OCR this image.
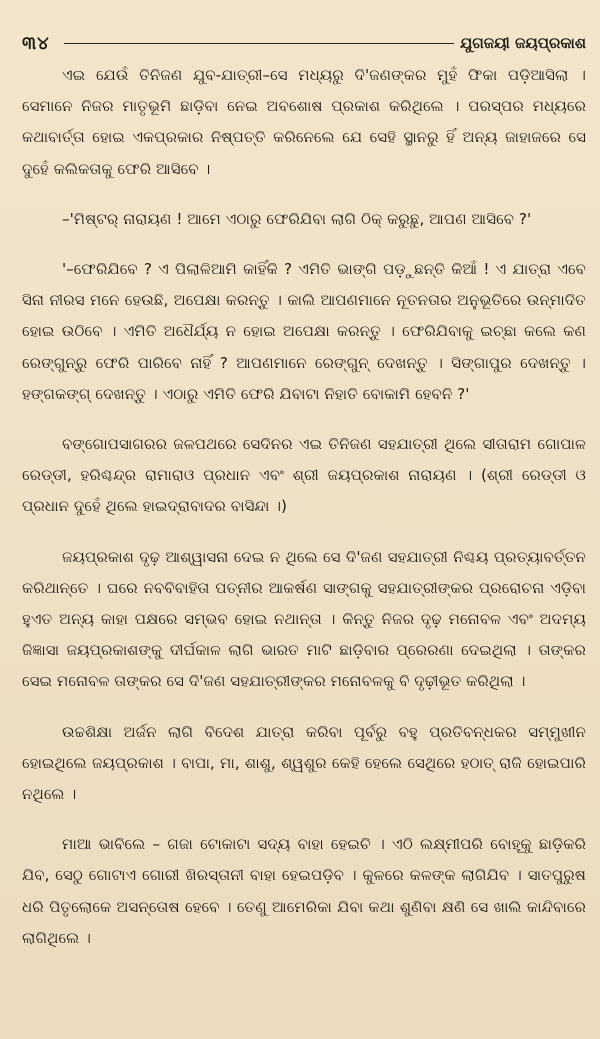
୩୪	ଯୁଗଜୟୀ ଜୟପ୍ରକାଶ

ଏଇ ଯେଉଁ ତିନିଜଣ ଯୁବ-ଯାତ୍ରୀ–ସେ ମଧ୍ୟରୁ ଦି'ଜଣଙ୍କର ମୁହଁ ଫିକା ପଡ଼ିଆସିଲା । ସେମାନେ ନିଜର ମାତୃଭୂମି ଛାଡ଼ିବା ନେଇ ଅବଶୋଷ ପ୍ରକାଶ କରିଥିଲେ । ପରସ୍ପର ମଧ୍ୟରେ କଥାବାର୍ତ୍ତା ହୋଇ ଏକପ୍ରକାର ନିଷ୍ପତ୍ତି କରିନେଲେ ଯେ ସେହି ସ୍ଥାନରୁ ହିଁ ଅନ୍ୟ ଜାହାଜରେ ସେ ଦୁହେଁ କଲିକତାକୁ ଫେରି ଆସିବେ ।

–'ମିଷ୍ଟର୍ ନାରାୟଣ ! ଆମେ ଏଠାରୁ ଫେରିଯିବା ଲାଗି ଠିକ୍ କରୁଛୁ, ଆପଣ ଆସିବେ ?'

'–ଫେରିଯିବେ ? ଏ ପିଲାଳିଆମି କାହିଁକି ? ଏମିତି ଭାଙ୍ଗି ପଡ଼ୁଛନ୍ତି କିଆଁ ! ଏ ଯାତ୍ରା ଏବେ ସିନା ନୀରସ ମନେ ହେଉଛି, ଅପେକ୍ଷା କରନ୍ତୁ । କାଲି ଆପଣମାନେ ନୂତନତାର ଅନୁଭୂତିରେ ଉନ୍ମାଦିତ ହୋଇ ଉଠିବେ । ଏମିତି ଅଧୈର୍ଯ୍ୟ ନ ହୋଇ ଅପେକ୍ଷା କରନ୍ତୁ । ଫେରିଯିବାକୁ ଇଚ୍ଛା କଲେ କଣ ରେଙ୍ଗୁନ୍‌ରୁ ଫେରି ପାରିବେ ନାହିଁ ? ଆପଣମାନେ ରେଙ୍ଗୁନ୍ ଦେଖନ୍ତୁ । ସିଙ୍ଗାପୁର ଦେଖନ୍ତୁ । ହଙ୍ଗକଙ୍ଗ୍ ଦେଖନ୍ତୁ । ଏଠାରୁ ଏମିତି ଫେରି ଯିବାଟା ନିହାତି ବୋକାମି ହେବନି ?'

ବଙ୍ଗୋପସାଗରର ଜଳପଥରେ ସେଦିନର ଏଇ ତିନିଜଣ ସହଯାତ୍ରୀ ଥିଲେ ସୀତାରାମ ଗୋପାଳ ରେଡ୍ଡୀ, ହରିଶ୍ଚନ୍ଦ୍ର ରାମାରାଓ ପ୍ରଧାନ ଏବଂ ଶ୍ରୀ ଜୟପ୍ରକାଶ ନାରାୟଣ । (ଶ୍ରୀ ରେଡ୍ଡୀ ଓ ପ୍ରଧାନ ଦୁହେଁ ଥିଲେ ହାଇଦ୍ରାବାଦର ବାସିନ୍ଦା ।)

ଜୟପ୍ରକାଶ ଦୃଢ଼ ଆଶ୍ୱାସନା ଦେଇ ନ ଥିଲେ ସେ ଦି'ଜଣ ସହଯାତ୍ରୀ ନିଶ୍ଚୟ ପ୍ରତ୍ୟାବର୍ତ୍ତନ କରିଥାନ୍ତେ । ଘରେ ନବବିବାହିତା ପତ୍ନୀର ଆକର୍ଷଣ ସାଙ୍ଗକୁ ସହଯାତ୍ରୀଙ୍କର ପ୍ରରୋଚନା ଏଡ଼ିବା ହୁଏତ ଅନ୍ୟ କାହା ପକ୍ଷରେ ସମ୍ଭବ ହୋଇ ନଥାନ୍ତା । କିନ୍ତୁ ନିଜର ଦୃଢ଼ ମନୋବଳ ଏବଂ ଅଦମ୍ୟ ଜିଜ୍ଞାସା ଜୟପ୍ରକାଶଙ୍କୁ ଦୀର୍ଘକାଳ ଲାଗି ଭାରତ ମାଟି ଛାଡ଼ିବାର ପ୍ରେରଣା ଦେଇଥିଲା । ତାଙ୍କର ସେଇ ମନୋବଳ ତାଙ୍କର ସେ ଦି'ଜଣ ସହଯାତ୍ରୀଙ୍କର ମନୋବଳକୁ ବି ଦୃଢ଼ୀଭୂତ କରିଥିଲା ।

ଉଚ୍ଚଶିକ୍ଷା ଅର୍ଜନ ଲାଗି ବିଦେଶ ଯାତ୍ରା କରିବା ପୂର୍ବରୁ ବହୁ ପ୍ରତିବନ୍ଧକର ସମ୍ମୁଖୀନ ହୋଇଥିଲେ ଜୟପ୍ରକାଶ । ବାପା, ମା, ଶାଶୁ, ଶ୍ୱଶୁର କେହି ହେଲେ ସେଥିରେ ହଠାତ୍ ରାଜି ହୋଇପାରି ନଥିଲେ ।

ମାଆ ଭାବିଲେ – ଗଜା ଟୋକାଟା ସଦ୍ୟ ବାହା ହେଇଚି । ଏଠି ଲକ୍ଷ୍ମୀପରି ବୋହୂକୁ ଛାଡ଼ିକରି ଯିବ, ସେଠୁ ଗୋଟାଏ ଗୋରୀ ଖିରସ୍ତାନୀ ବାହା ହେଇପଡ଼ିବ । କୁଳରେ କଳଙ୍କ ଲାଗିଯିବ । ସାତପୁରୁଷ ଧରି ପିତୃଲୋକେ ଅସନ୍ତୋଷ ହେବେ । ତେଣୁ ଆମେରିକା ଯିବା କଥା ଶୁଣିବା କ୍ଷଣି ସେ ଖାଲି କାନ୍ଦିବାରେ ଲାଗିଥିଲେ ।
